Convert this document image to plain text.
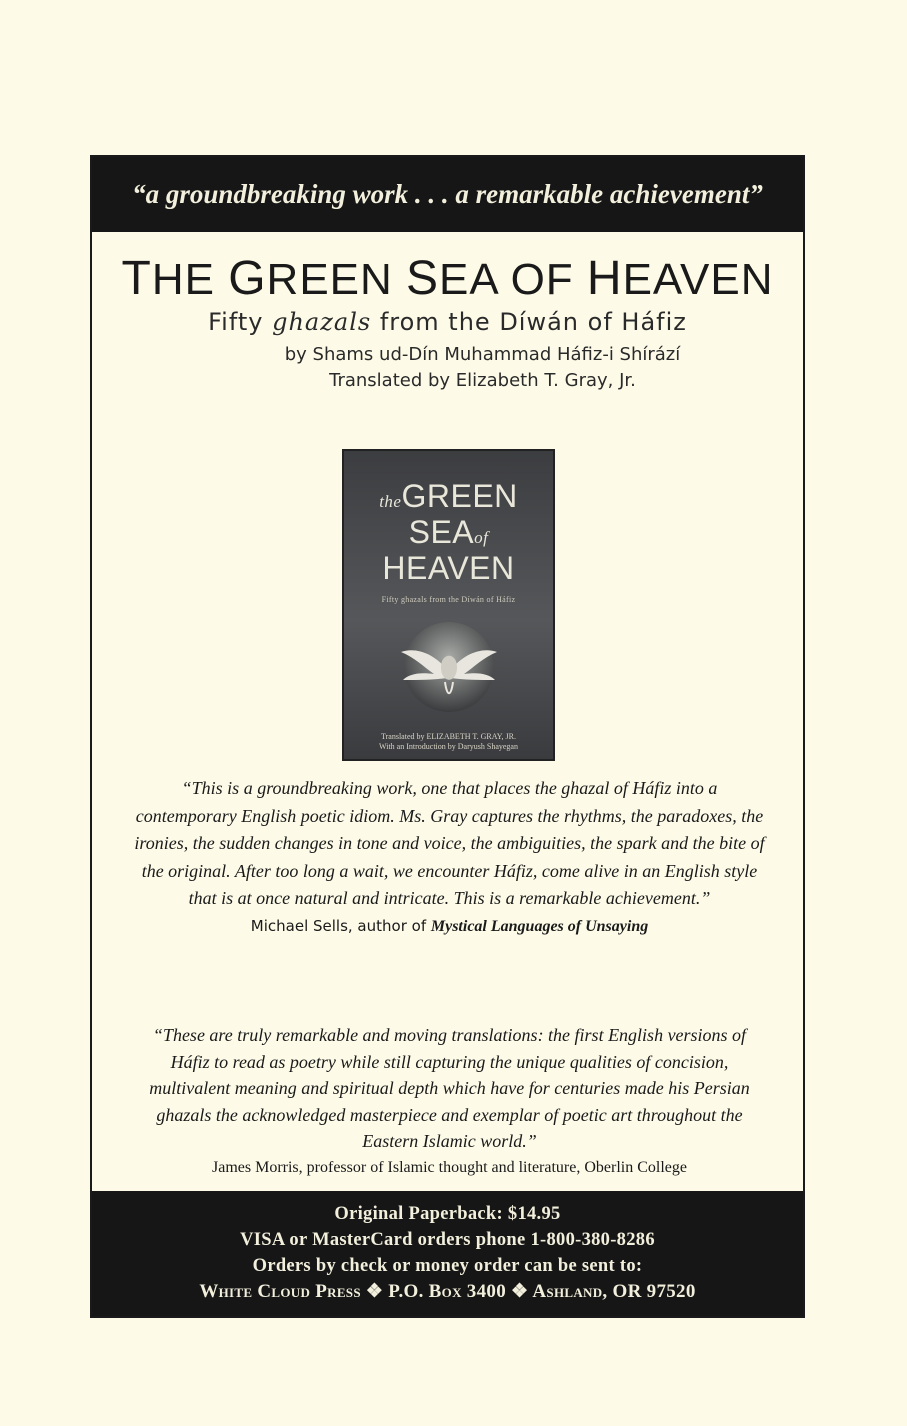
“a groundbreaking work . . . a remarkable achievement”
THE GREEN SEA OF HEAVEN
Fifty ghazals from the Díwán of Háfiz
by Shams ud-Dín Muhammad Háfiz-i Shírází
Translated by Elizabeth T. Gray, Jr.
theGREEN
SEAof
HEAVEN
Fifty ghazals from the Díwán of Háfiz
Translated by ELIZABETH T. GRAY, JR.
With an Introduction by Daryush Shayegan
“This is a groundbreaking work, one that places the ghazal of Háfiz into a contemporary English poetic idiom. Ms. Gray captures the rhythms, the paradoxes, the ironies, the sudden changes in tone and voice, the ambiguities, the spark and the bite of the original. After too long a wait, we encounter Háfiz, come alive in an English style that is at once natural and intricate. This is a remarkable achievement.”
Michael Sells, author of Mystical Languages of Unsaying
“These are truly remarkable and moving translations: the first English versions of Háfiz to read as poetry while still capturing the unique qualities of concision, multivalent meaning and spiritual depth which have for centuries made his Persian ghazals the acknowledged masterpiece and exemplar of poetic art throughout the Eastern Islamic world.”
James Morris, professor of Islamic thought and literature, Oberlin College
Original Paperback: $14.95
VISA or MasterCard orders phone 1-800-380-8286
Orders by check or money order can be sent to:
White Cloud Press ❖ P.O. Box 3400 ❖ Ashland, OR 97520
